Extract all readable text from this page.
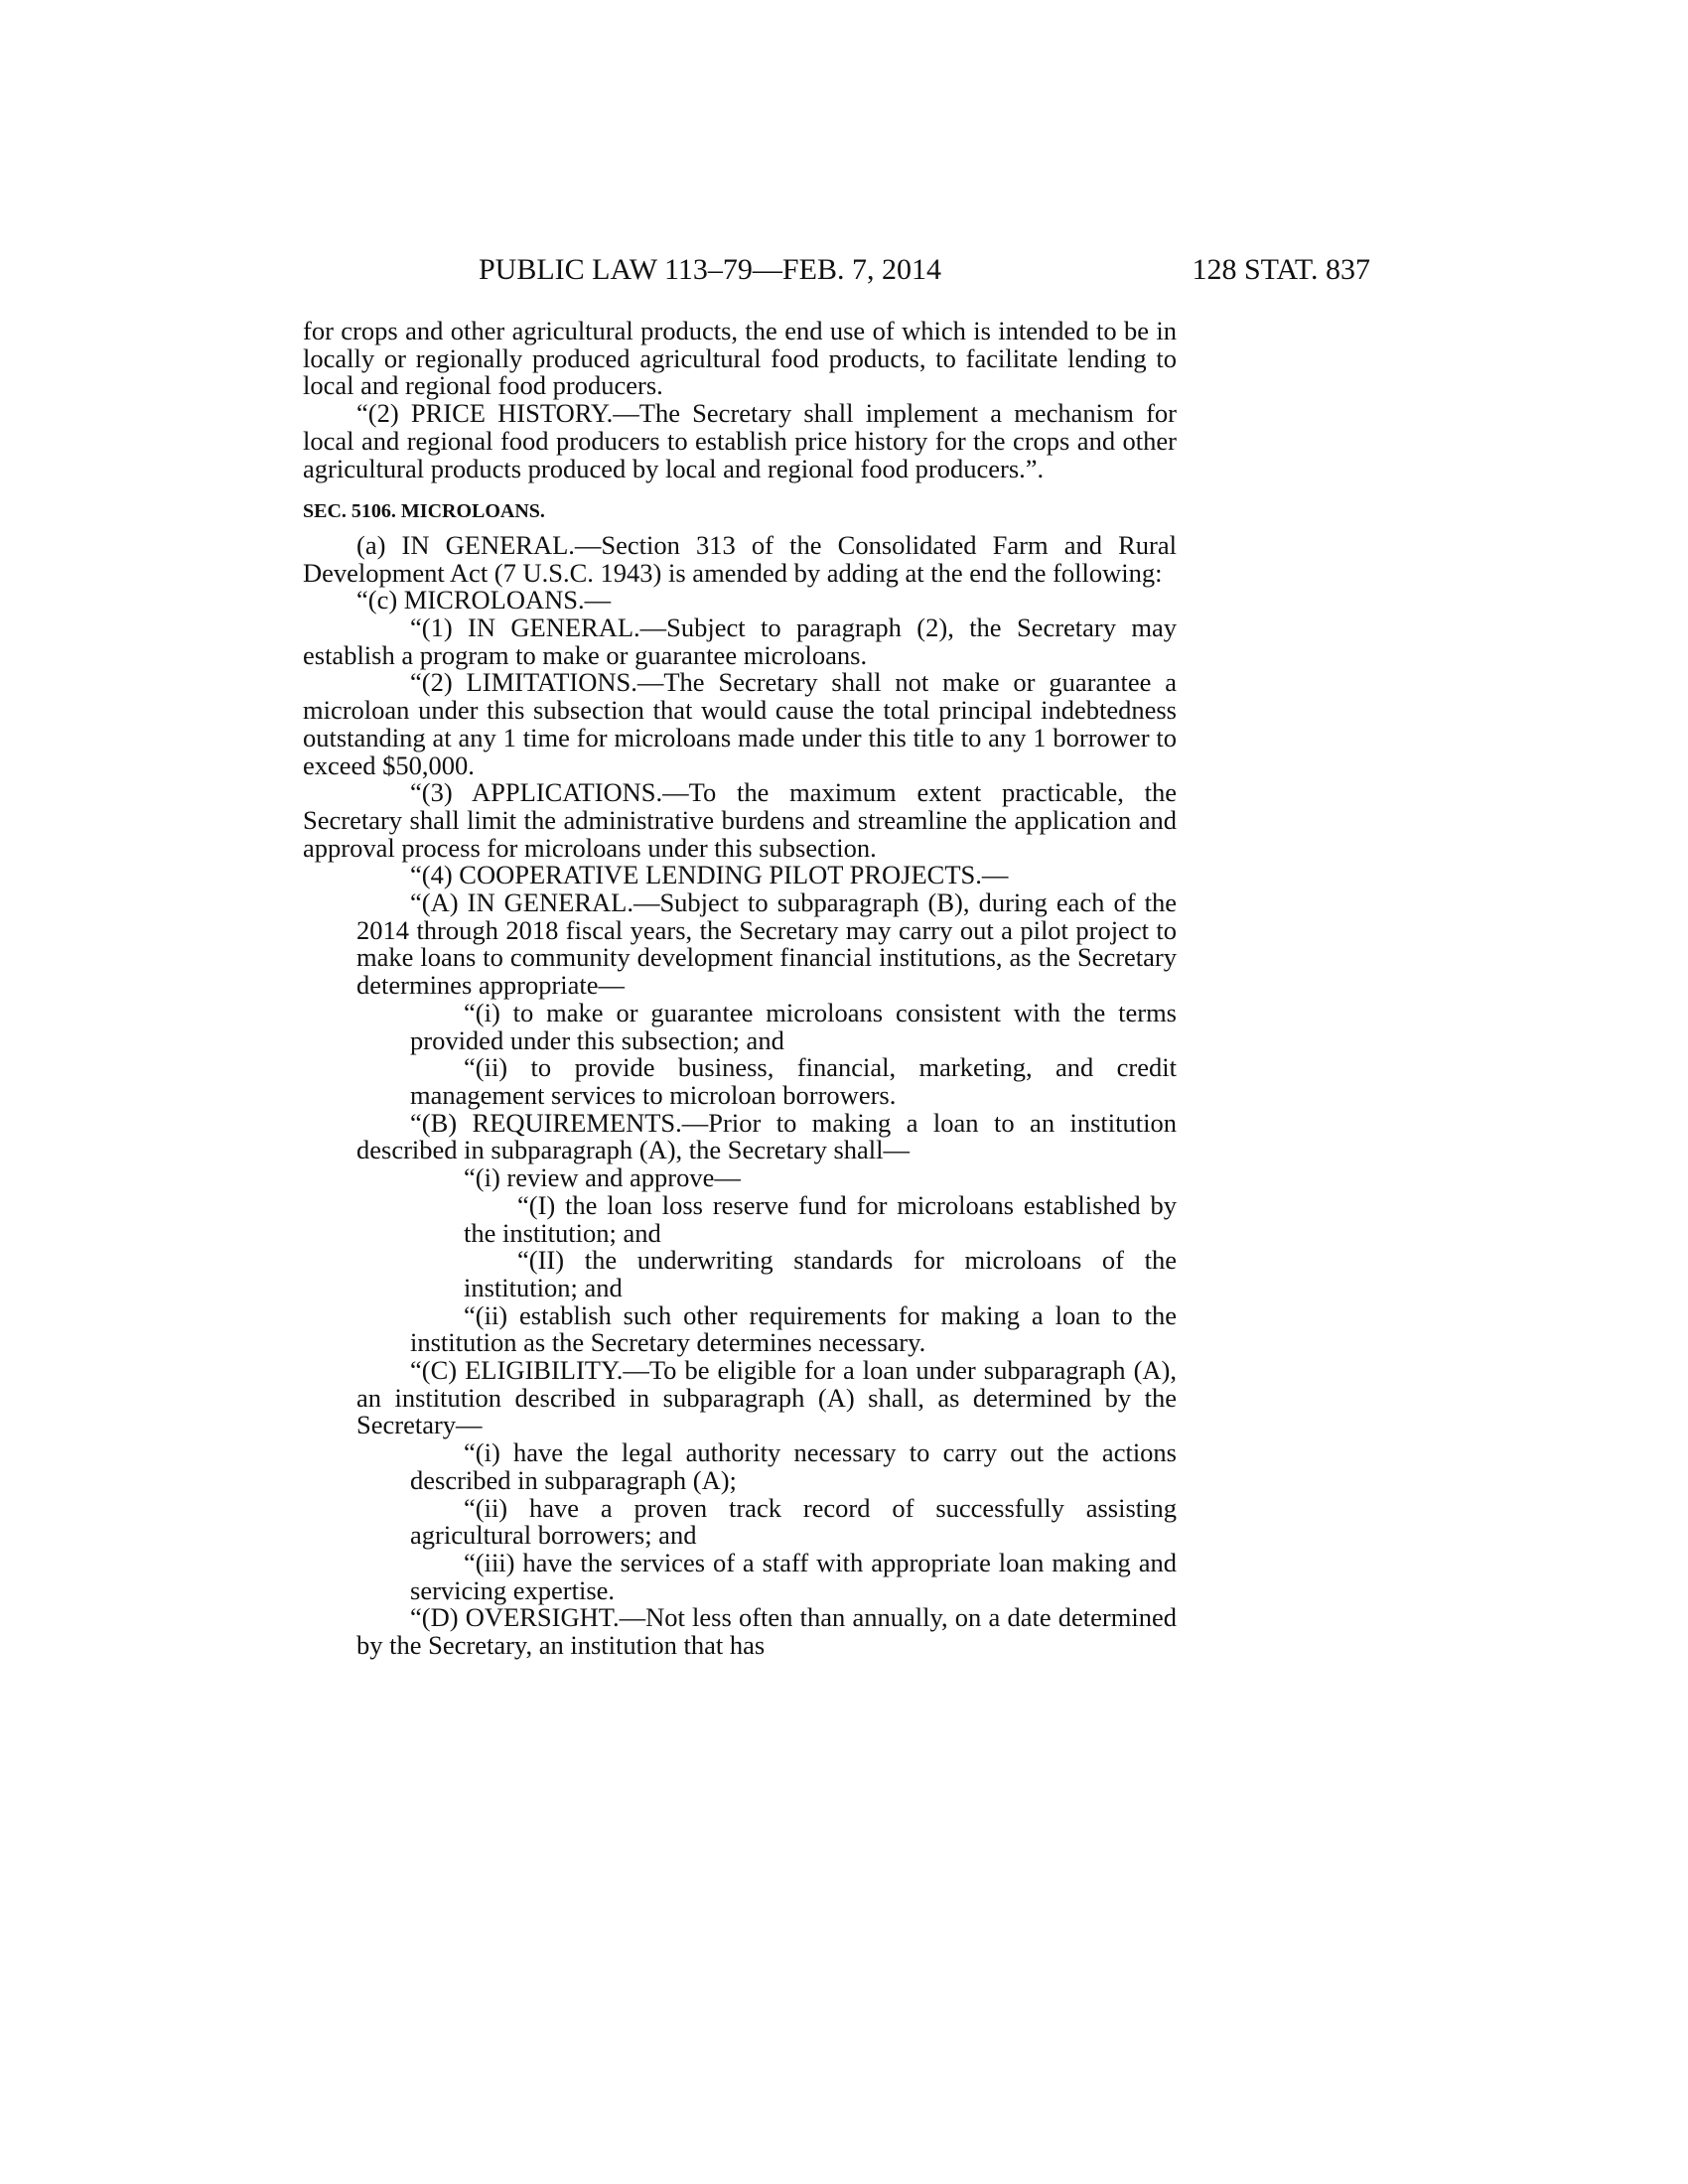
PUBLIC LAW 113–79—FEB. 7, 2014	128 STAT. 837

for crops and other agricultural products, the end use of which is intended to be in locally or regionally produced agricultural food products, to facilitate lending to local and regional food producers.

“(2) PRICE HISTORY.—The Secretary shall implement a mechanism for local and regional food producers to establish price history for the crops and other agricultural products produced by local and regional food producers.”.

SEC. 5106. MICROLOANS.

(a) IN GENERAL.—Section 313 of the Consolidated Farm and Rural Development Act (7 U.S.C. 1943) is amended by adding at the end the following:

“(c) MICROLOANS.—

“(1) IN GENERAL.—Subject to paragraph (2), the Secretary may establish a program to make or guarantee microloans.

“(2) LIMITATIONS.—The Secretary shall not make or guarantee a microloan under this subsection that would cause the total principal indebtedness outstanding at any 1 time for microloans made under this title to any 1 borrower to exceed $50,000.

“(3) APPLICATIONS.—To the maximum extent practicable, the Secretary shall limit the administrative burdens and streamline the application and approval process for microloans under this subsection.

“(4) COOPERATIVE LENDING PILOT PROJECTS.—

“(A) IN GENERAL.—Subject to subparagraph (B), during each of the 2014 through 2018 fiscal years, the Secretary may carry out a pilot project to make loans to community development financial institutions, as the Secretary determines appropriate—

“(i) to make or guarantee microloans consistent with the terms provided under this subsection; and

“(ii) to provide business, financial, marketing, and credit management services to microloan borrowers.

“(B) REQUIREMENTS.—Prior to making a loan to an institution described in subparagraph (A), the Secretary shall—

“(i) review and approve—

“(I) the loan loss reserve fund for microloans established by the institution; and

“(II) the underwriting standards for microloans of the institution; and

“(ii) establish such other requirements for making a loan to the institution as the Secretary determines necessary.

“(C) ELIGIBILITY.—To be eligible for a loan under subparagraph (A), an institution described in subparagraph (A) shall, as determined by the Secretary—

“(i) have the legal authority necessary to carry out the actions described in subparagraph (A);

“(ii) have a proven track record of successfully assisting agricultural borrowers; and

“(iii) have the services of a staff with appropriate loan making and servicing expertise.

“(D) OVERSIGHT.—Not less often than annually, on a date determined by the Secretary, an institution that has
